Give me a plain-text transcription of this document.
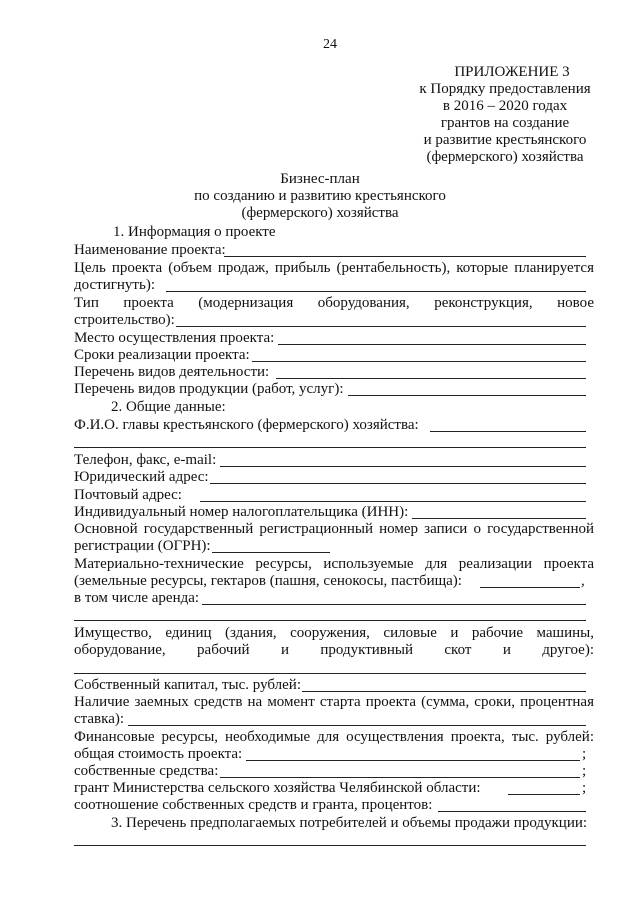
24
ПРИЛОЖЕНИЕ 3
к Порядку предоставления
в 2016 – 2020 годах
грантов на создание
и развитие крестьянского
(фермерского) хозяйства
Бизнес-план
по созданию и развитию крестьянского
(фермерского) хозяйства
1. Информация о проекте
Наименование проекта:
Цель проекта (объем продаж, прибыль (рентабельность), которые планируется
достигнуть):
Тип проекта (модернизация оборудования, реконструкция, новое
строительство):
Место осуществления проекта:
Сроки реализации проекта:
Перечень видов деятельности:
Перечень видов продукции (работ, услуг):
2. Общие данные:
Ф.И.О. главы крестьянского (фермерского) хозяйства:
Телефон, факс, e-mail:
Юридический адрес:
Почтовый адрес:
Индивидуальный номер налогоплательщика (ИНН):
Основной государственный регистрационный номер записи о государственной
регистрации (ОГРН):
Материально-технические ресурсы, используемые для реализации проекта
(земельные ресурсы, гектаров (пашня, сенокосы, пастбища):	,
в том числе аренда:
Имущество, единиц (здания, сооружения, силовые и рабочие машины,
оборудование, рабочий и продуктивный скот и другое):
Собственный капитал, тыс. рублей:
Наличие заемных средств на момент старта проекта (сумма, сроки, процентная
ставка):
Финансовые ресурсы, необходимые для осуществления проекта, тыс. рублей:
общая стоимость проекта:	;
собственные средства:	;
грант Министерства сельского хозяйства Челябинской области:	;
соотношение собственных средств и гранта, процентов:
3. Перечень предполагаемых потребителей и объемы продажи продукции:
